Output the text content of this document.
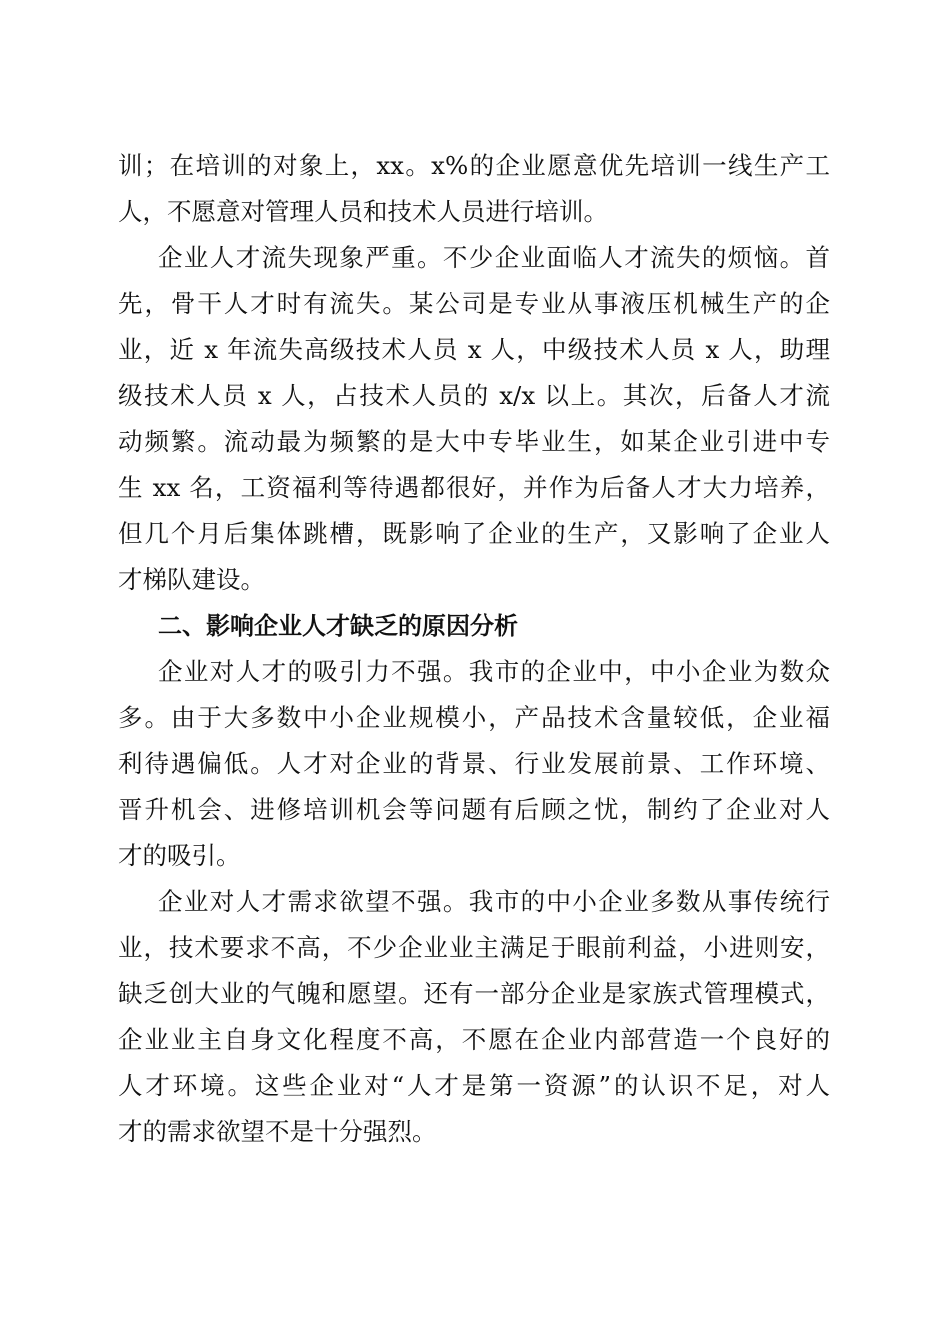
训；在培训的对象上，xx。x%的企业愿意优先培训一线生产工
人，不愿意对管理人员和技术人员进行培训。
企业人才流失现象严重。不少企业面临人才流失的烦恼。首
先，骨干人才时有流失。某公司是专业从事液压机械生产的企
业，近 x 年流失高级技术人员 x 人，中级技术人员 x 人，助理
级技术人员 x 人，占技术人员的 x/x 以上。其次，后备人才流
动频繁。流动最为频繁的是大中专毕业生，如某企业引进中专
生 xx 名，工资福利等待遇都很好，并作为后备人才大力培养，
但几个月后集体跳槽，既影响了企业的生产，又影响了企业人
才梯队建设。
二、影响企业人才缺乏的原因分析
企业对人才的吸引力不强。我市的企业中，中小企业为数众
多。由于大多数中小企业规模小，产品技术含量较低，企业福
利待遇偏低。人才对企业的背景、行业发展前景、工作环境、
晋升机会、进修培训机会等问题有后顾之忧，制约了企业对人
才的吸引。
企业对人才需求欲望不强。我市的中小企业多数从事传统行
业，技术要求不高，不少企业业主满足于眼前利益，小进则安，
缺乏创大业的气魄和愿望。还有一部分企业是家族式管理模式，
企业业主自身文化程度不高，不愿在企业内部营造一个良好的
人才环境。这些企业对“人才是第一资源”的认识不足，对人
才的需求欲望不是十分强烈。
